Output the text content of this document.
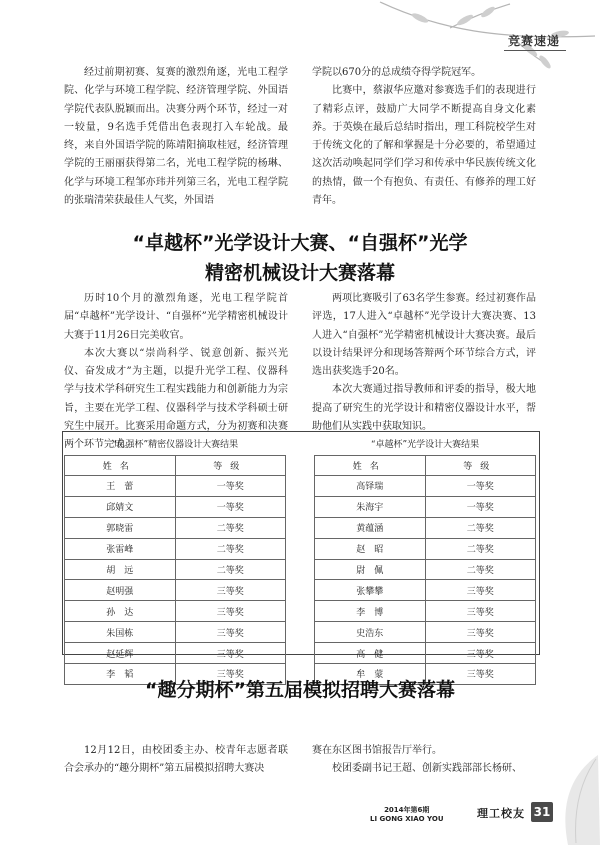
竞赛速递

经过前期初赛、复赛的激烈角逐，光电工程学院、化学与环境工程学院、经济管理学院、外国语学院代表队脱颖而出。决赛分两个环节，经过一对一较量，9名选手凭借出色表现打入车轮战。最终，来自外国语学院的陈靖阳摘取桂冠，经济管理学院的王丽丽获得第二名，光电工程学院的杨琳、化学与环境工程邹亦玮并列第三名，光电工程学院的张瑞清荣获最佳人气奖，外国语

学院以670分的总成绩夺得学院冠军。

比赛中，蔡淑华应邀对参赛选手们的表现进行了精彩点评，鼓励广大同学不断提高自身文化素养。于英焕在最后总结时指出，理工科院校学生对于传统文化的了解和掌握是十分必要的，希望通过这次活动唤起同学们学习和传承中华民族传统文化的热情，做一个有抱负、有责任、有修养的理工好青年。

“卓越杯”光学设计大赛、“自强杯”光学
精密机械设计大赛落幕

历时10个月的激烈角逐，光电工程学院首届“卓越杯”光学设计、“自强杯”光学精密机械设计大赛于11月26日完美收官。

本次大赛以“崇尚科学、锐意创新、振兴光仪、奋发成才”为主题，以提升光学工程、仪器科学与技术学科研究生工程实践能力和创新能力为宗旨，主要在光学工程、仪器科学与技术学科硕士研究生中展开。比赛采用命题方式，分为初赛和决赛两个环节完成。

两项比赛吸引了63名学生参赛。经过初赛作品评选，17人进入“卓越杯”光学设计大赛决赛、13人进入“自强杯”光学精密机械设计大赛决赛。最后以设计结果评分和现场答辩两个环节综合方式，评选出获奖选手20名。

本次大赛通过指导教师和评委的指导，极大地提高了研究生的光学设计和精密仪器设计水平，帮助他们从实践中获取知识。

“自强杯”精密仪器设计大赛结果	“卓越杯”光学设计大赛结果
姓名	等级
王　蕾	一等奖
邱婧文	一等奖
郭晓雷	二等奖
张雷峰	二等奖
胡　远	二等奖
赵明强	三等奖
孙　达	三等奖
朱国栋	三等奖
赵延辉	三等奖
李　韬	三等奖
姓名	等级
高铎瑞	一等奖
朱海宇	一等奖
黄蕴涵	二等奖
赵　昭	二等奖
尉　佩	二等奖
张攀攀	三等奖
李　博	三等奖
史浩东	三等奖
高　健	三等奖
牟　蒙	三等奖
“趣分期杯”第五届模拟招聘大赛落幕

12月12日，由校团委主办、校青年志愿者联合会承办的“趣分期杯”第五届模拟招聘大赛决

赛在东区图书馆报告厅举行。

校团委副书记王超、创新实践部部长杨研、

2014年第6期
LI GONG XIAO YOU	理工校友 31
